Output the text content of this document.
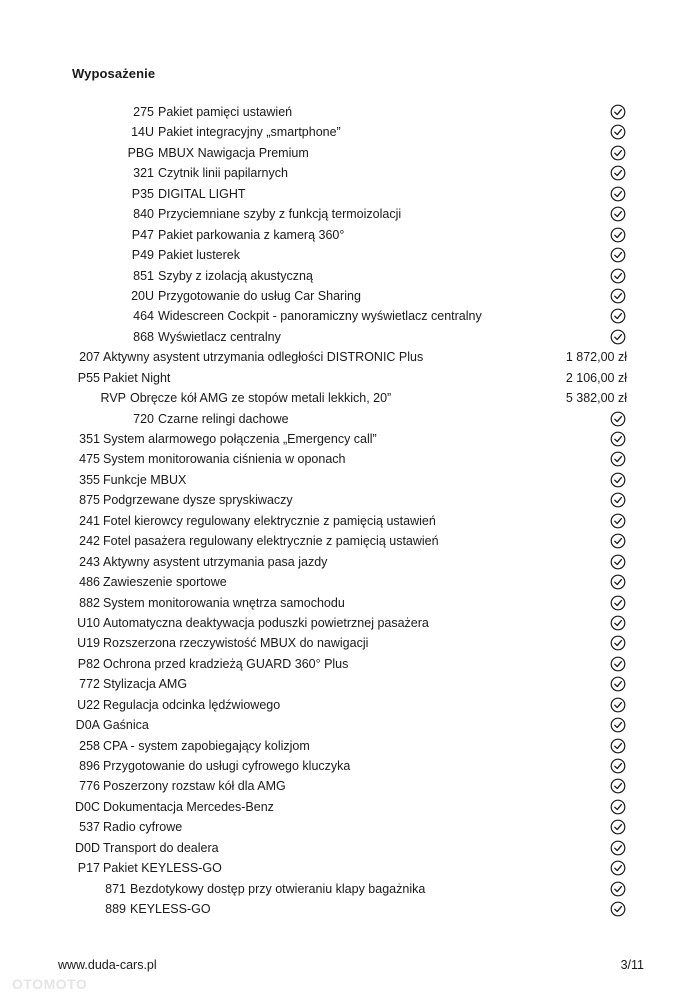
Wyposażenie
275 Pakiet pamięci ustawień
14U Pakiet integracyjny „smartphone”
PBG MBUX Nawigacja Premium
321 Czytnik linii papilarnych
P35 DIGITAL LIGHT
840 Przyciemniane szyby z funkcją termoizolacji
P47 Pakiet parkowania z kamerą 360°
P49 Pakiet lusterek
851 Szyby z izolacją akustyczną
20U Przygotowanie do usług Car Sharing
464 Widescreen Cockpit - panoramiczny wyświetlacz centralny
868 Wyświetlacz centralny
207 Aktywny asystent utrzymania odległości DISTRONIC Plus	1 872,00 zł
P55 Pakiet Night	2 106,00 zł
RVP Obręcze kół AMG ze stopów metali lekkich, 20”	5 382,00 zł
720 Czarne relingi dachowe
351 System alarmowego połączenia „Emergency call”
475 System monitorowania ciśnienia w oponach
355 Funkcje MBUX
875 Podgrzewane dysze spryskiwaczy
241 Fotel kierowcy regulowany elektrycznie z pamięcią ustawień
242 Fotel pasażera regulowany elektrycznie z pamięcią ustawień
243 Aktywny asystent utrzymania pasa jazdy
486 Zawieszenie sportowe
882 System monitorowania wnętrza samochodu
U10 Automatyczna deaktywacja poduszki powietrznej pasażera
U19 Rozszerzona rzeczywistość MBUX do nawigacji
P82 Ochrona przed kradzieżą GUARD 360° Plus
772 Stylizacja AMG
U22 Regulacja odcinka lędźwiowego
D0A Gaśnica
258 CPA - system zapobiegający kolizjom
896 Przygotowanie do usługi cyfrowego kluczyka
776 Poszerzony rozstaw kół dla AMG
D0C Dokumentacja Mercedes-Benz
537 Radio cyfrowe
D0D Transport do dealera
P17 Pakiet KEYLESS-GO
871 Bezdotykowy dostęp przy otwieraniu klapy bagażnika
889 KEYLESS-GO
www.duda-cars.pl	3/11
OTOMOTO
